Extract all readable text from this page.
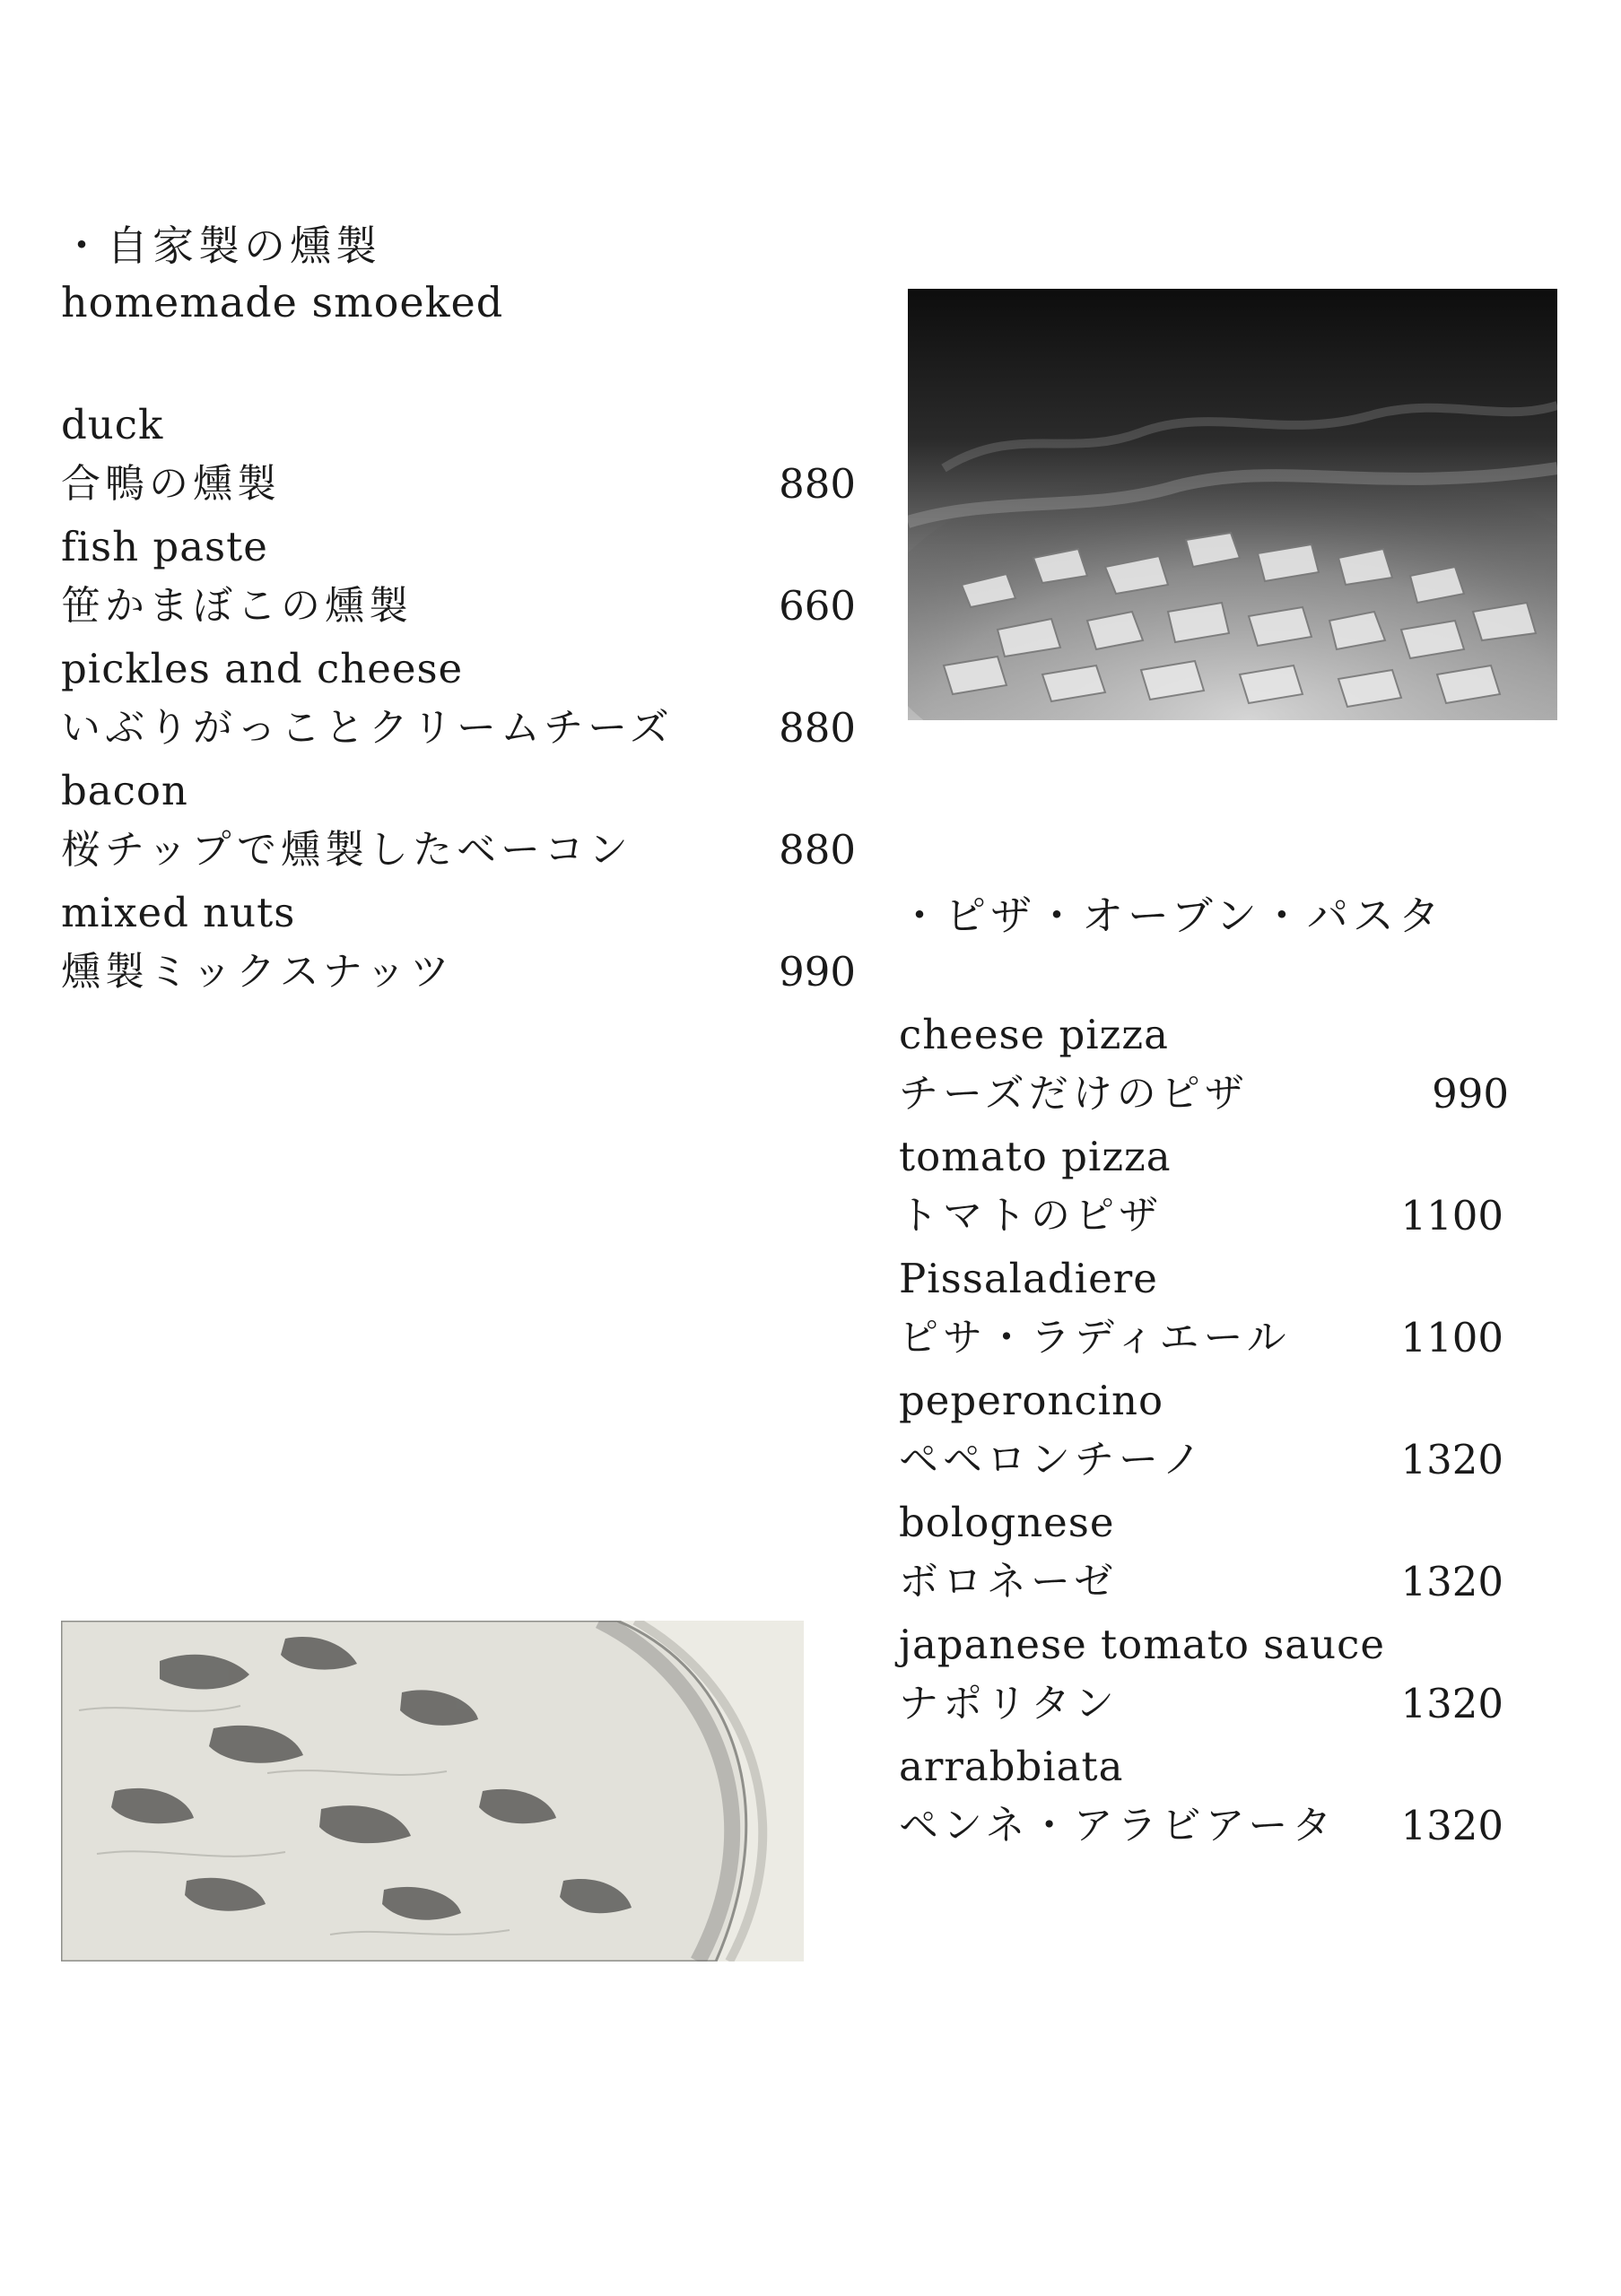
・自家製の燻製
homemade smoeked
duck
合鴨の燻製	880
fish paste
笹かまぼこの燻製	660
pickles and cheese
いぶりがっことクリームチーズ	880
bacon
桜チップで燻製したベーコン	880
mixed nuts
燻製ミックスナッツ	990
・ピザ・オーブン・パスタ
cheese pizza
チーズだけのピザ	990
tomato pizza
トマトのピザ	1100
Pissaladiere
ピサ・ラディエール	1100
peperoncino
ペペロンチーノ	1320
bolognese
ボロネーゼ	1320
japanese tomato sauce
ナポリタン	1320
arrabbiata
ペンネ・アラビアータ 1320
